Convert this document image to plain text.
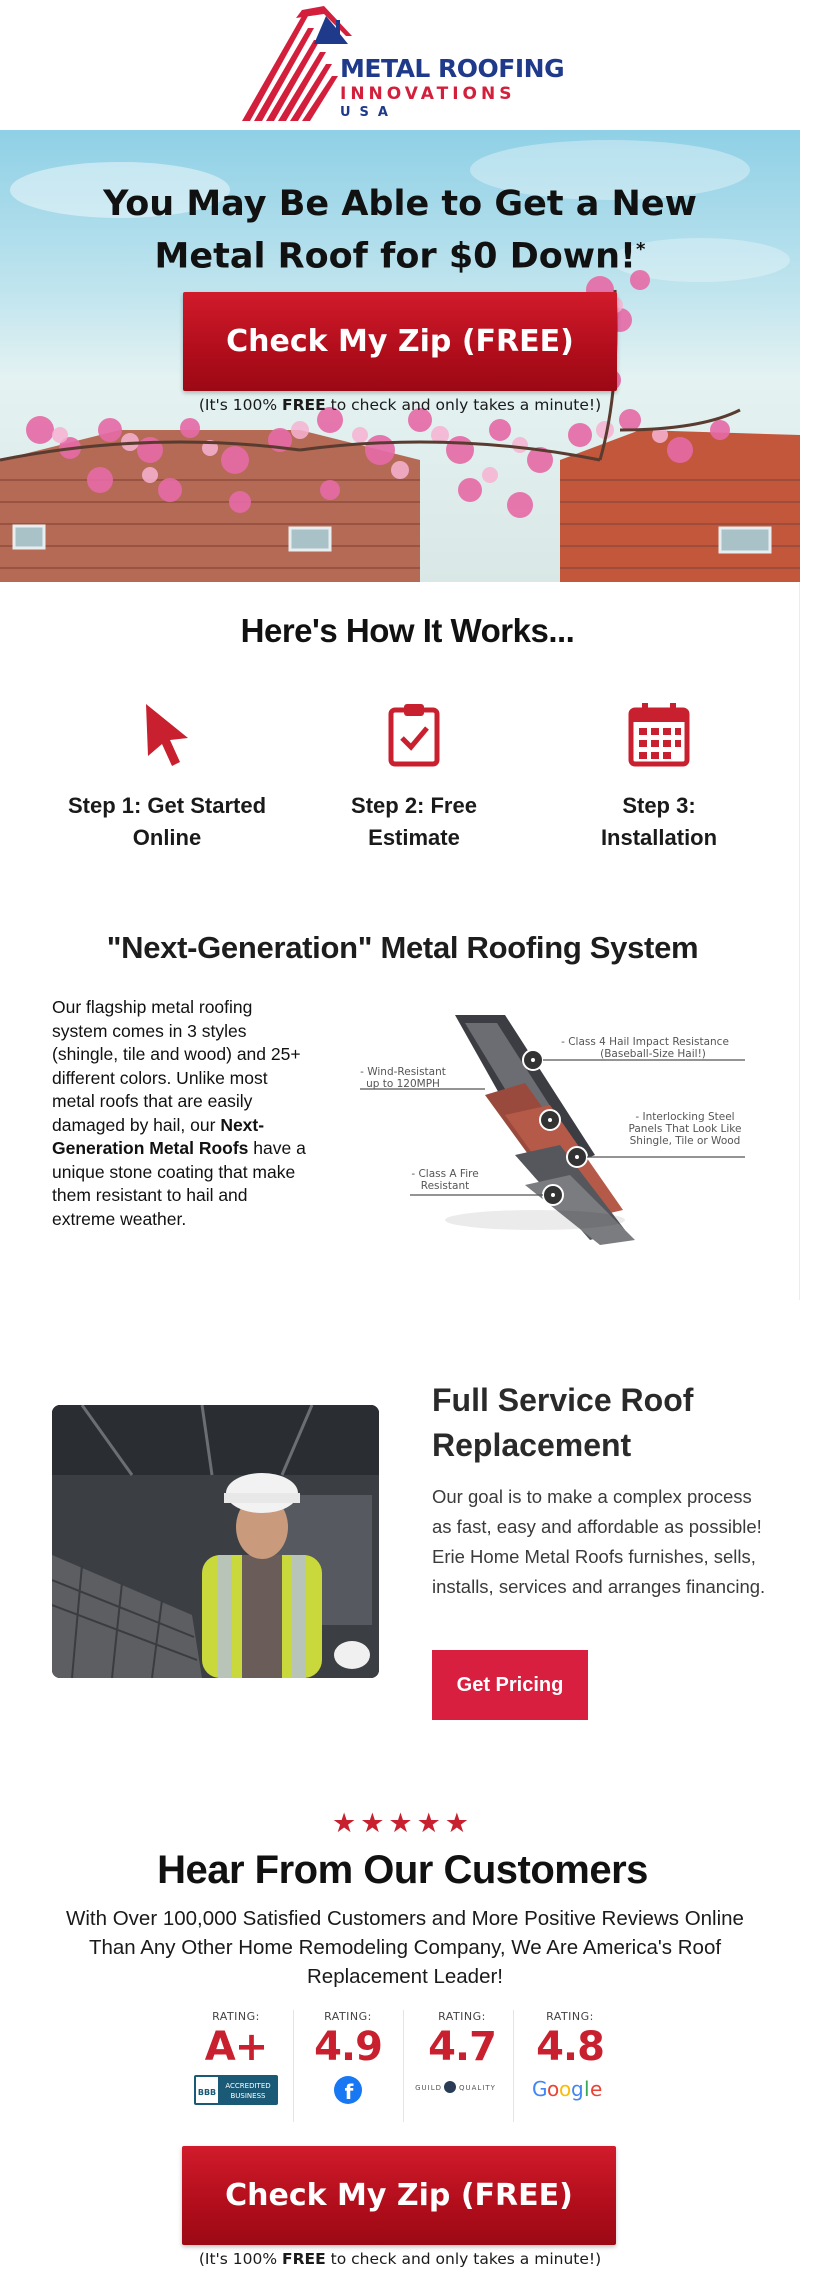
METAL ROOFING
INNOVATIONS
USA
You May Be Able to Get a New
Metal Roof for $0 Down!*
Check My Zip (FREE)
(It's 100% FREE to check and only takes a minute!)
Here's How It Works...
Step 1: Get Started
Online
Step 2: Free
Estimate
Step 3:
Installation
"Next-Generation" Metal Roofing System

Our flagship metal roofing system comes in 3 styles (shingle, tile and wood) and 25+ different colors. Unlike most metal roofs that are easily damaged by hail, our Next-Generation Metal Roofs have a unique stone coating that make them resistant to hail and extreme weather.

- Class 4 Hail Impact Resistance
(Baseball-Size Hail!)
- Wind-Resistant
up to 120MPH
- Interlocking Steel
Panels That Look Like
Shingle, Tile or Wood
- Class A Fire
Resistant
Full Service Roof Replacement

Our goal is to make a complex process as fast, easy and affordable as possible! Erie Home Metal Roofs furnishes, sells, installs, services and arranges financing.

Get Pricing
★★★★★
Hear From Our Customers

With Over 100,000 Satisfied Customers and More Positive Reviews Online Than Any Other Home Remodeling Company, We Are America's Roof Replacement Leader!

RATING:
A+
BBB
ACCREDITED
BUSINESS
RATING:
4.9
f
RATING:
4.7
GUILD QUALITY
RATING:
4.8
G o o g l e
Check My Zip (FREE)
(It's 100% FREE to check and only takes a minute!)
